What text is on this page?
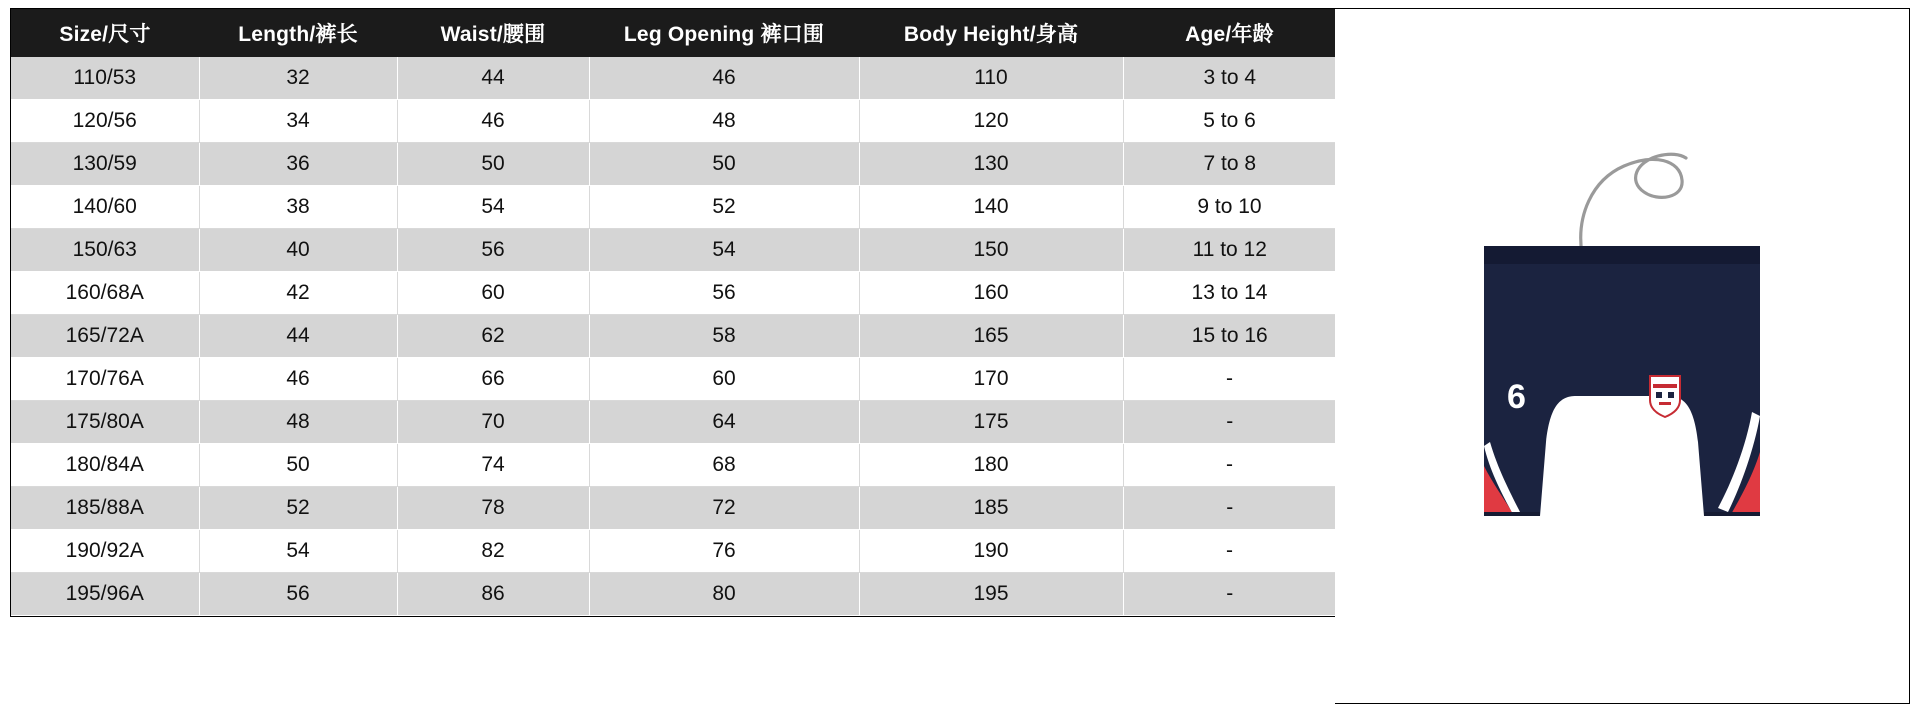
Size/尺寸	Length/裤长	Waist/腰围	Leg Opening 裤口围	Body Height/身高	Age/年龄
110/53	32	44	46	110	3 to 4
120/56	34	46	48	120	5 to 6
130/59	36	50	50	130	7 to 8
140/60	38	54	52	140	9 to 10
150/63	40	56	54	150	11 to 12
160/68A	42	60	56	160	13 to 14
165/72A	44	62	58	165	15 to 16
170/76A	46	66	60	170	-
175/80A	48	70	64	175	-
180/84A	50	74	68	180	-
185/88A	52	78	72	185	-
190/92A	54	82	76	190	-
195/96A	56	86	80	195	-
6
